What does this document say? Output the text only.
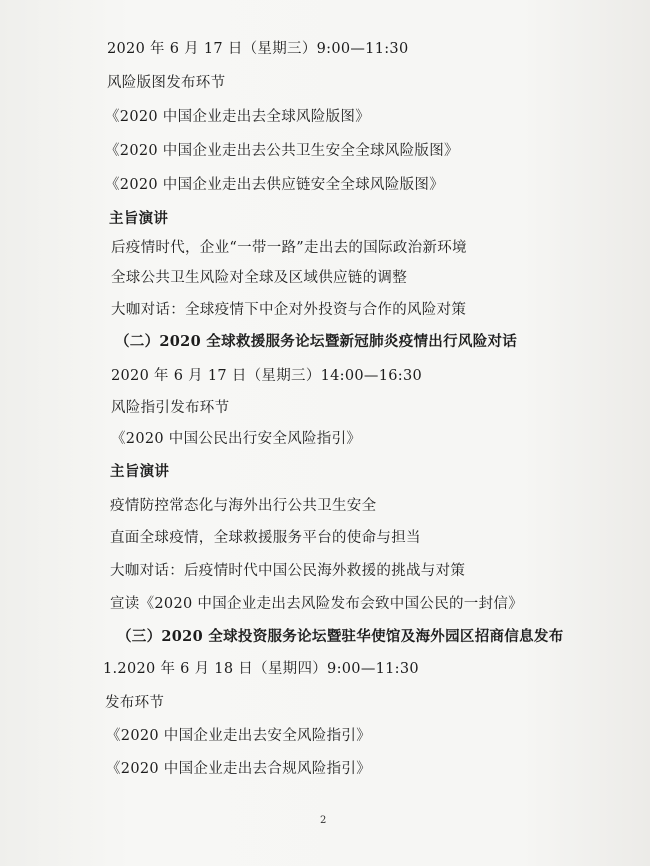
2020 年 6 月 17 日（星期三）9:00—11:30
风险版图发布环节
《2020 中国企业走出去全球风险版图》
《2020 中国企业走出去公共卫生安全全球风险版图》
《2020 中国企业走出去供应链安全全球风险版图》
主旨演讲
后疫情时代，企业“一带一路”走出去的国际政治新环境
全球公共卫生风险对全球及区域供应链的调整
大咖对话：全球疫情下中企对外投资与合作的风险对策
（二）2020 全球救援服务论坛暨新冠肺炎疫情出行风险对话
2020 年 6 月 17 日（星期三）14:00—16:30
风险指引发布环节
《2020 中国公民出行安全风险指引》
主旨演讲
疫情防控常态化与海外出行公共卫生安全
直面全球疫情，全球救援服务平台的使命与担当
大咖对话：后疫情时代中国公民海外救援的挑战与对策
宣读《2020 中国企业走出去风险发布会致中国公民的一封信》
（三）2020 全球投资服务论坛暨驻华使馆及海外园区招商信息发布
1.2020 年 6 月 18 日（星期四）9:00—11:30
发布环节
《2020 中国企业走出去安全风险指引》
《2020 中国企业走出去合规风险指引》
2
